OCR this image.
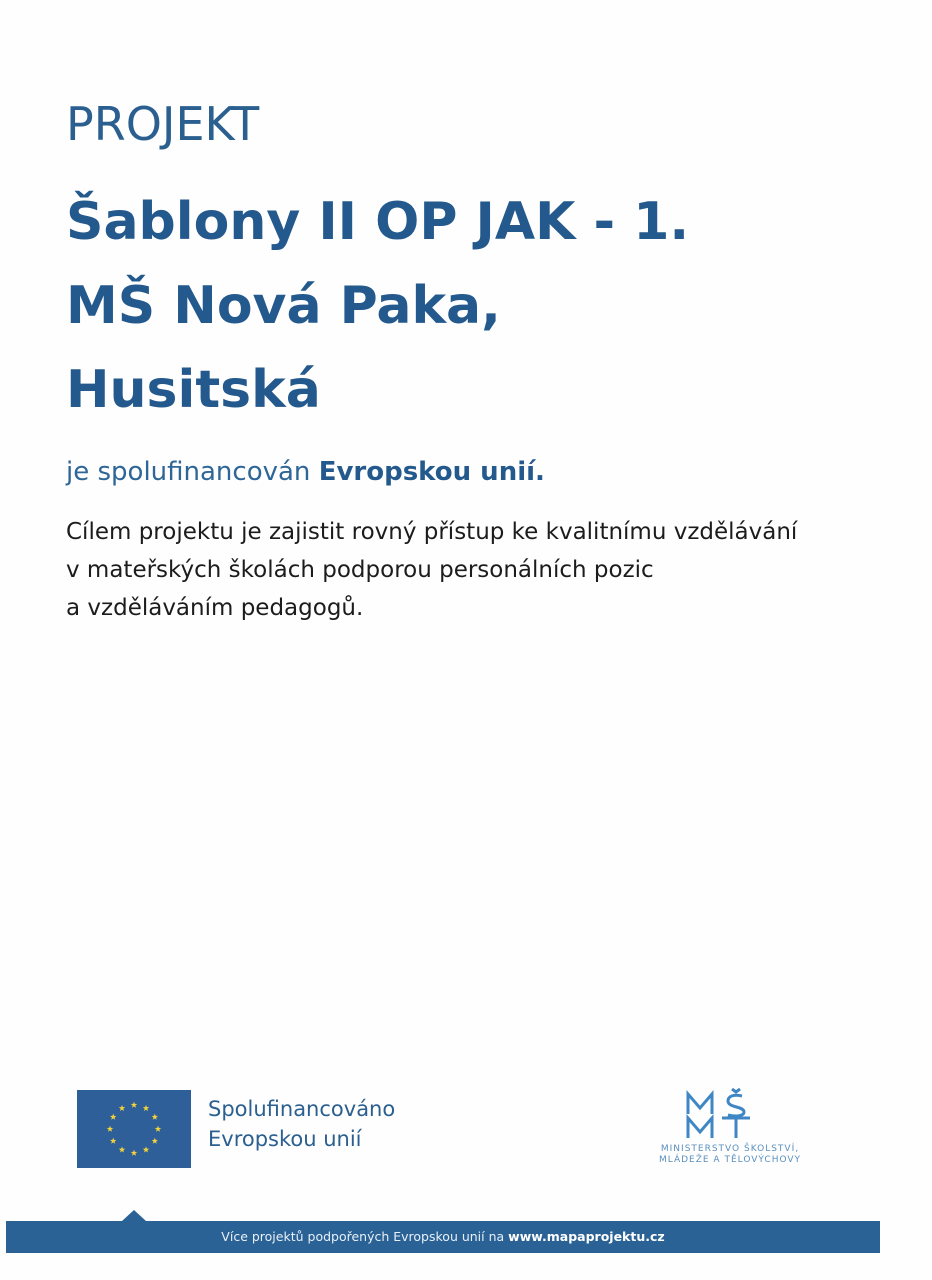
PROJEKT
Šablony II OP JAK - 1.
MŠ Nová Paka,
Husitská

je spolufinancován Evropskou unií.

Cílem projektu je zajistit rovný přístup ke kvalitnímu vzdělávání
v mateřských školách podporou personálních pozic
a vzděláváním pedagogů.

Spolufinancováno
Evropskou unií	MINISTERSTVO ŠKOLSTVÍ,
MLÁDEŽE A TĚLOVÝCHOVY
Více projektů podpořených Evropskou unií na www.mapaprojektu.cz
